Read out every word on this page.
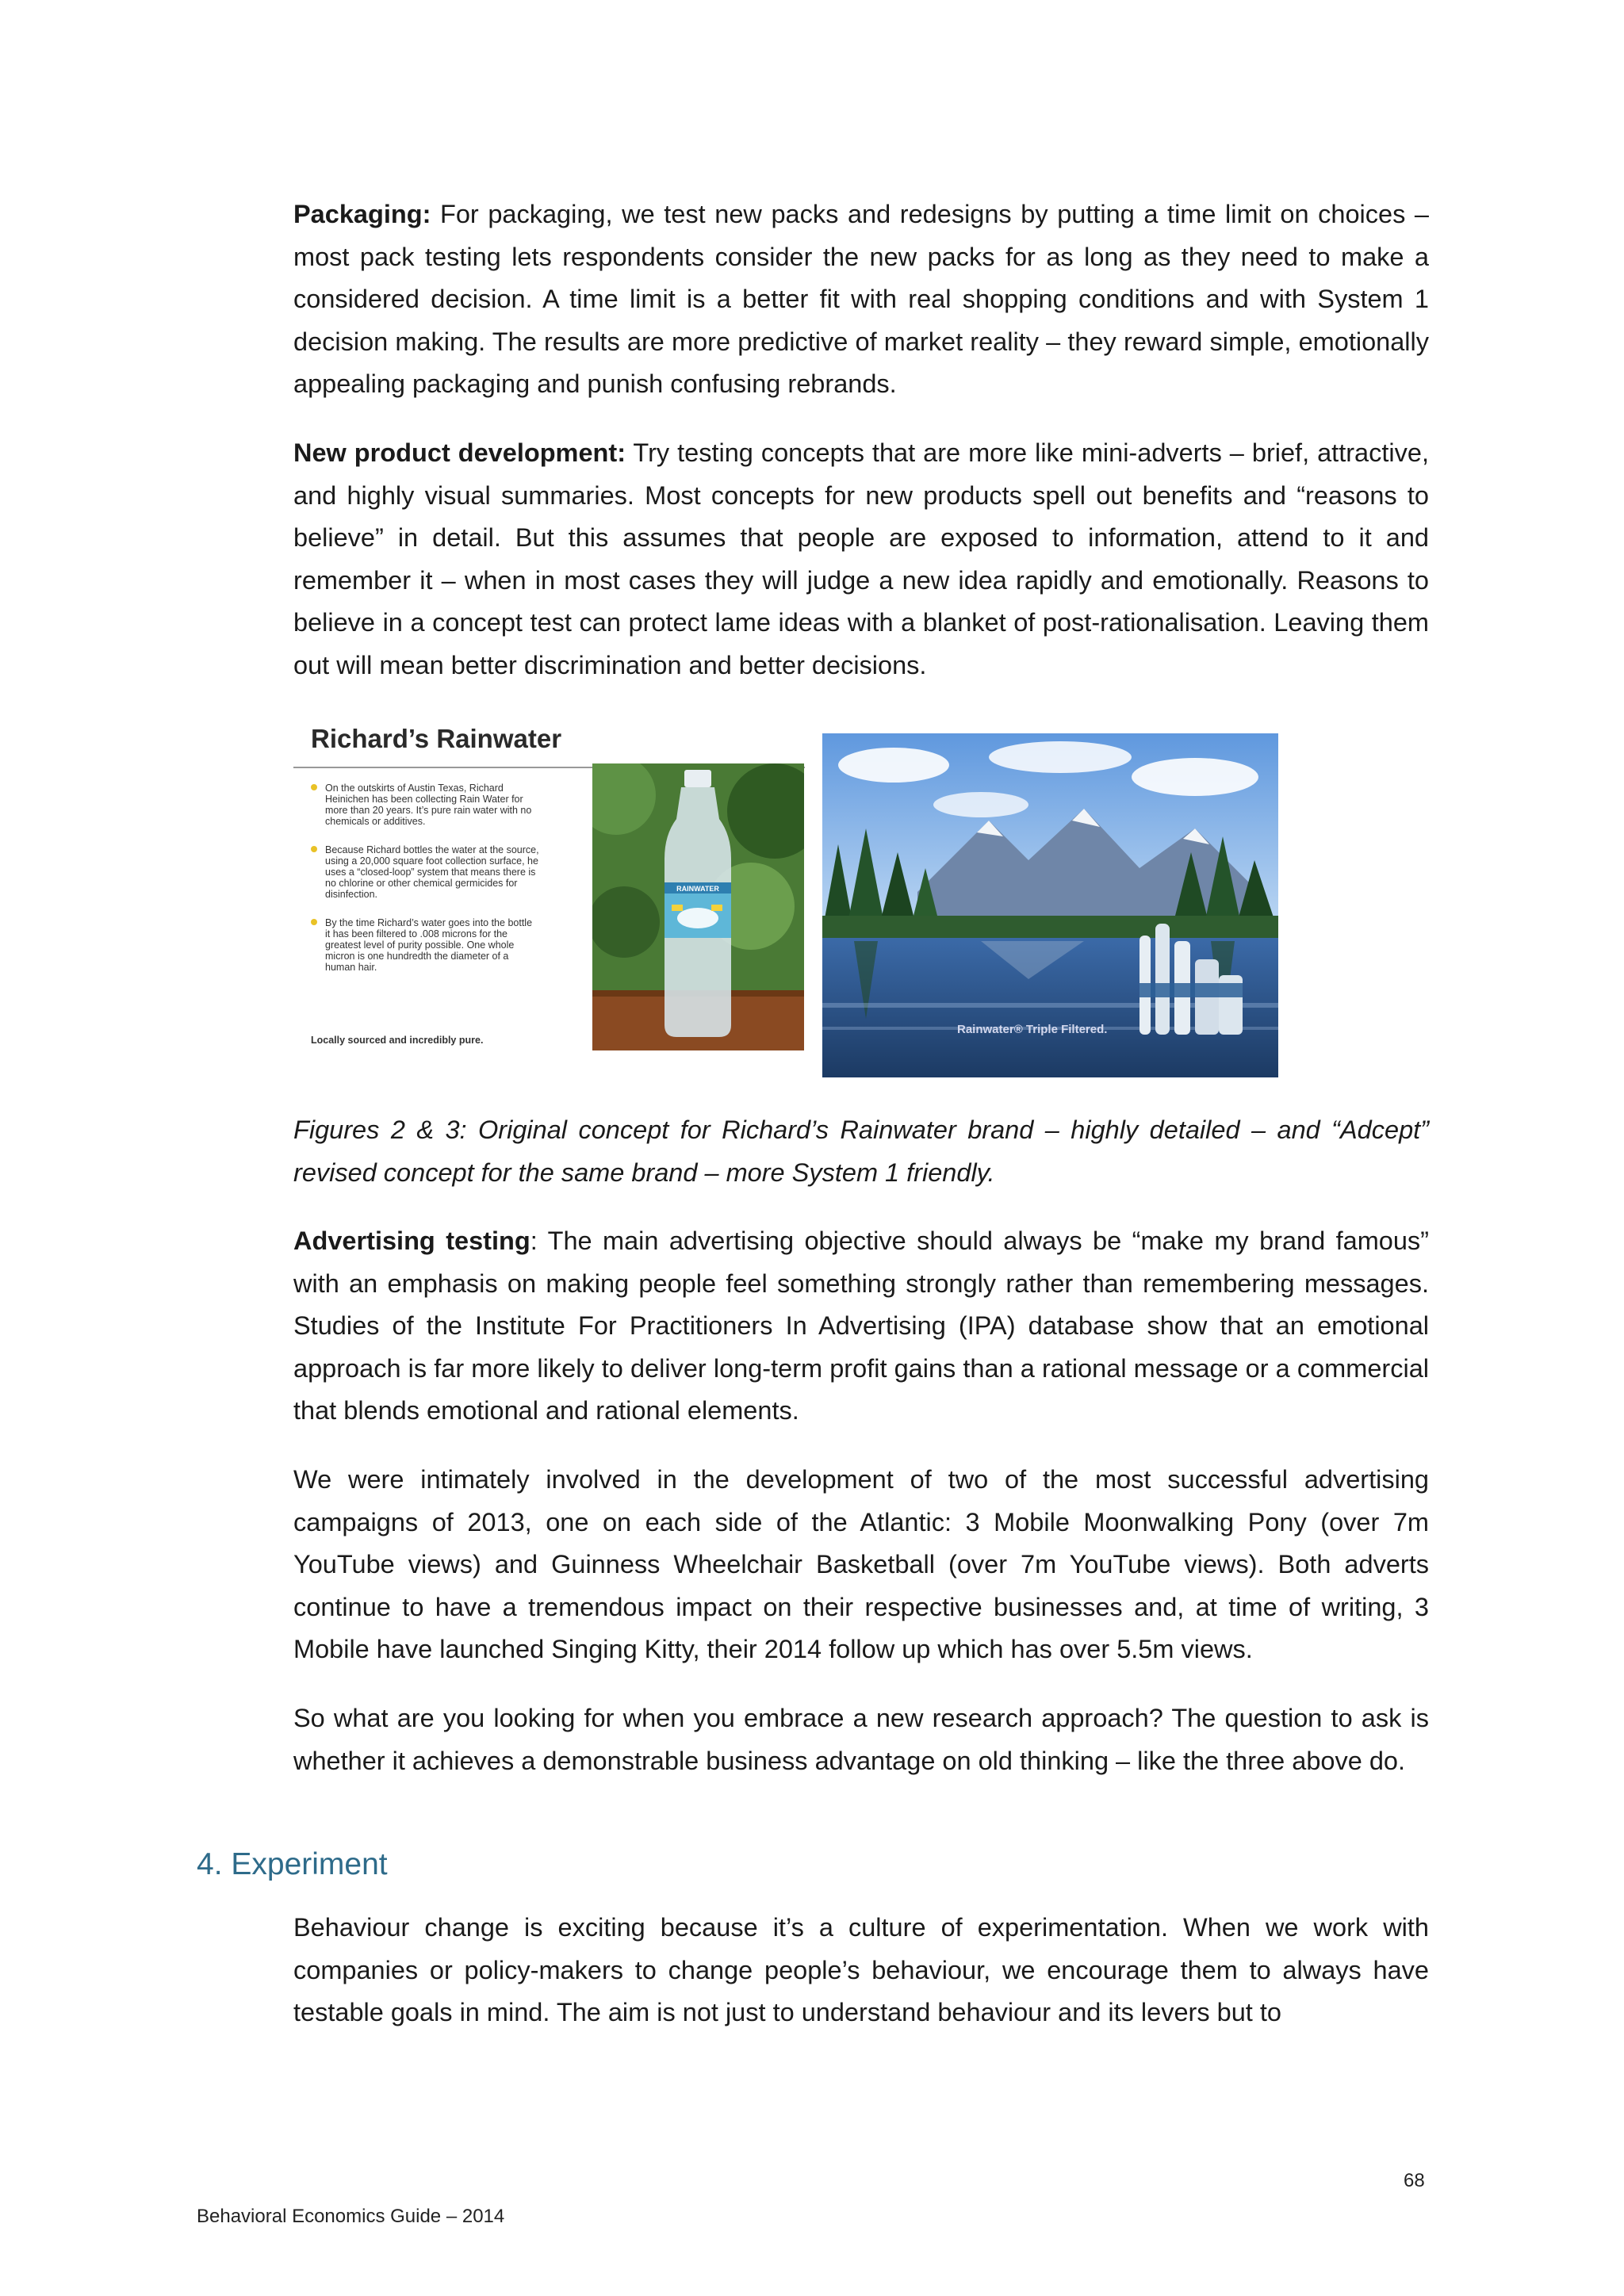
Packaging: For packaging, we test new packs and redesigns by putting a time limit on choices – most pack testing lets respondents consider the new packs for as long as they need to make a considered decision. A time limit is a better fit with real shopping conditions and with System 1 decision making. The results are more predictive of market reality – they reward simple, emotionally appealing packaging and punish confusing rebrands.

New product development: Try testing concepts that are more like mini-adverts – brief, attractive, and highly visual summaries. Most concepts for new products spell out benefits and “reasons to believe” in detail. But this assumes that people are exposed to information, attend to it and remember it – when in most cases they will judge a new idea rapidly and emotionally. Reasons to believe in a concept test can protect lame ideas with a blanket of post-rationalisation. Leaving them out will mean better discrimination and better decisions.

Richard’s Rainwater
On the outskirts of Austin Texas, Richard Heinichen has been collecting Rain Water for more than 20 years. It’s pure rain water with no chemicals or additives.
Because Richard bottles the water at the source, using a 20,000 square foot collection surface, he uses a “closed-loop” system that means there is no chlorine or other chemical germicides for disinfection.
By the time Richard’s water goes into the bottle it has been filtered to .008 microns for the greatest level of purity possible. One whole micron is one hundredth the diameter of a human hair.
Locally sourced and incredibly pure.
RAINWATER
Rainwater® Triple Filtered.

Figures 2 & 3: Original concept for Richard’s Rainwater brand – highly detailed – and “Adcept” revised concept for the same brand – more System 1 friendly.

Advertising testing: The main advertising objective should always be “make my brand famous” with an emphasis on making people feel something strongly rather than remembering messages. Studies of the Institute For Practitioners In Advertising (IPA) database show that an emotional approach is far more likely to deliver long-term profit gains than a rational message or a commercial that blends emotional and rational elements.

We were intimately involved in the development of two of the most successful advertising campaigns of 2013, one on each side of the Atlantic: 3 Mobile Moonwalking Pony (over 7m YouTube views) and Guinness Wheelchair Basketball (over 7m YouTube views). Both adverts continue to have a tremendous impact on their respective businesses and, at time of writing, 3 Mobile have launched Singing Kitty, their 2014 follow up which has over 5.5m views.

So what are you looking for when you embrace a new research approach? The question to ask is whether it achieves a demonstrable business advantage on old thinking – like the three above do.

4. Experiment

Behaviour change is exciting because it’s a culture of experimentation. When we work with companies or policy-makers to change people’s behaviour, we encourage them to always have testable goals in mind. The aim is not just to understand behaviour and its levers but to

68
Behavioral Economics Guide – 2014
